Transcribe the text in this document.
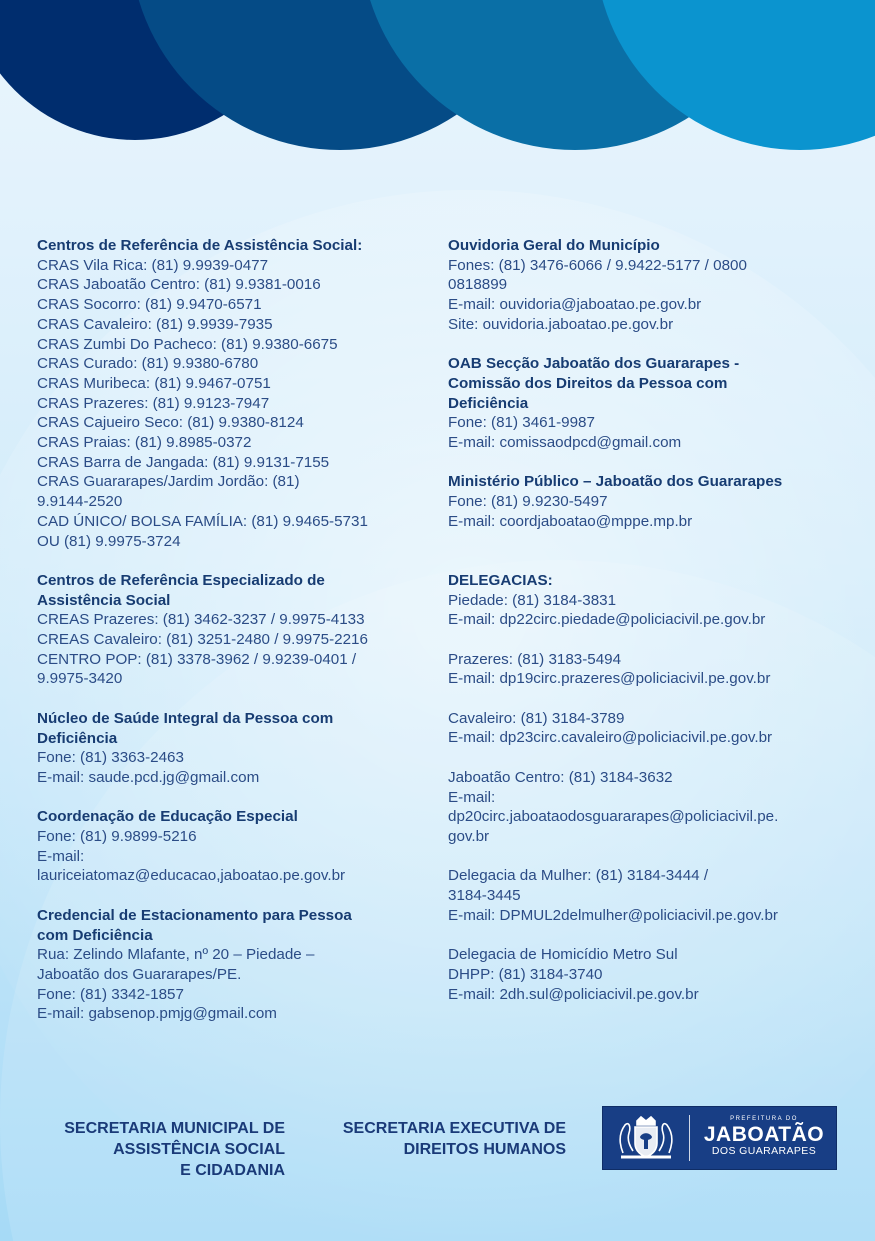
Centros de Referência de Assistência Social:
CRAS Vila Rica: (81) 9.9939-0477
CRAS Jaboatão Centro: (81) 9.9381-0016
CRAS Socorro: (81) 9.9470-6571
CRAS Cavaleiro: (81) 9.9939-7935
CRAS Zumbi Do Pacheco: (81) 9.9380-6675
CRAS Curado: (81) 9.9380-6780
CRAS Muribeca: (81) 9.9467-0751
CRAS Prazeres: (81) 9.9123-7947
CRAS Cajueiro Seco: (81) 9.9380-8124
CRAS Praias: (81) 9.8985-0372
CRAS Barra de Jangada: (81) 9.9131-7155
CRAS Guararapes/Jardim Jordão: (81)
9.9144-2520
CAD ÚNICO/ BOLSA FAMÍLIA: (81) 9.9465-5731
OU (81) 9.9975-3724
Centros de Referência Especializado de
Assistência Social
CREAS Prazeres: (81) 3462-3237 / 9.9975-4133
CREAS Cavaleiro: (81) 3251-2480 / 9.9975-2216
CENTRO POP: (81) 3378-3962 / 9.9239-0401 /
9.9975-3420
Núcleo de Saúde Integral da Pessoa com
Deficiência
Fone: (81) 3363-2463
E-mail: saude.pcd.jg@gmail.com
Coordenação de Educação Especial
Fone: (81) 9.9899-5216
E-mail:
lauriceiatomaz@educacao,jaboatao.pe.gov.br
Credencial de Estacionamento para Pessoa
com Deficiência
Rua: Zelindo Mlafante, nº 20 – Piedade –
Jaboatão dos Guararapes/PE.
Fone: (81) 3342-1857
E-mail: gabsenop.pmjg@gmail.com
Ouvidoria Geral do Município
Fones: (81) 3476-6066 / 9.9422-5177 / 0800
0818899
E-mail: ouvidoria@jaboatao.pe.gov.br
Site: ouvidoria.jaboatao.pe.gov.br
OAB Secção Jaboatão dos Guararapes -
Comissão dos Direitos da Pessoa com
Deficiência
Fone: (81) 3461-9987
E-mail: comissaodpcd@gmail.com
Ministério Público – Jaboatão dos Guararapes
Fone: (81) 9.9230-5497
E-mail: coordjaboatao@mppe.mp.br
DELEGACIAS:
Piedade: (81) 3184-3831
E-mail: dp22circ.piedade@policiacivil.pe.gov.br
Prazeres: (81) 3183-5494
E-mail: dp19circ.prazeres@policiacivil.pe.gov.br
Cavaleiro: (81) 3184-3789
E-mail: dp23circ.cavaleiro@policiacivil.pe.gov.br
Jaboatão Centro: (81) 3184-3632
E-mail:
dp20circ.jaboataodosguararapes@policiacivil.pe.
gov.br
Delegacia da Mulher: (81) 3184-3444 /
3184-3445
E-mail: DPMUL2delmulher@policiacivil.pe.gov.br
Delegacia de Homicídio Metro Sul
DHPP: (81) 3184-3740
E-mail: 2dh.sul@policiacivil.pe.gov.br
SECRETARIA MUNICIPAL DE
ASSISTÊNCIA SOCIAL
E CIDADANIA
SECRETARIA EXECUTIVA DE
DIREITOS HUMANOS
PREFEITURA DO
JABOATÃO
DOS GUARARAPES
